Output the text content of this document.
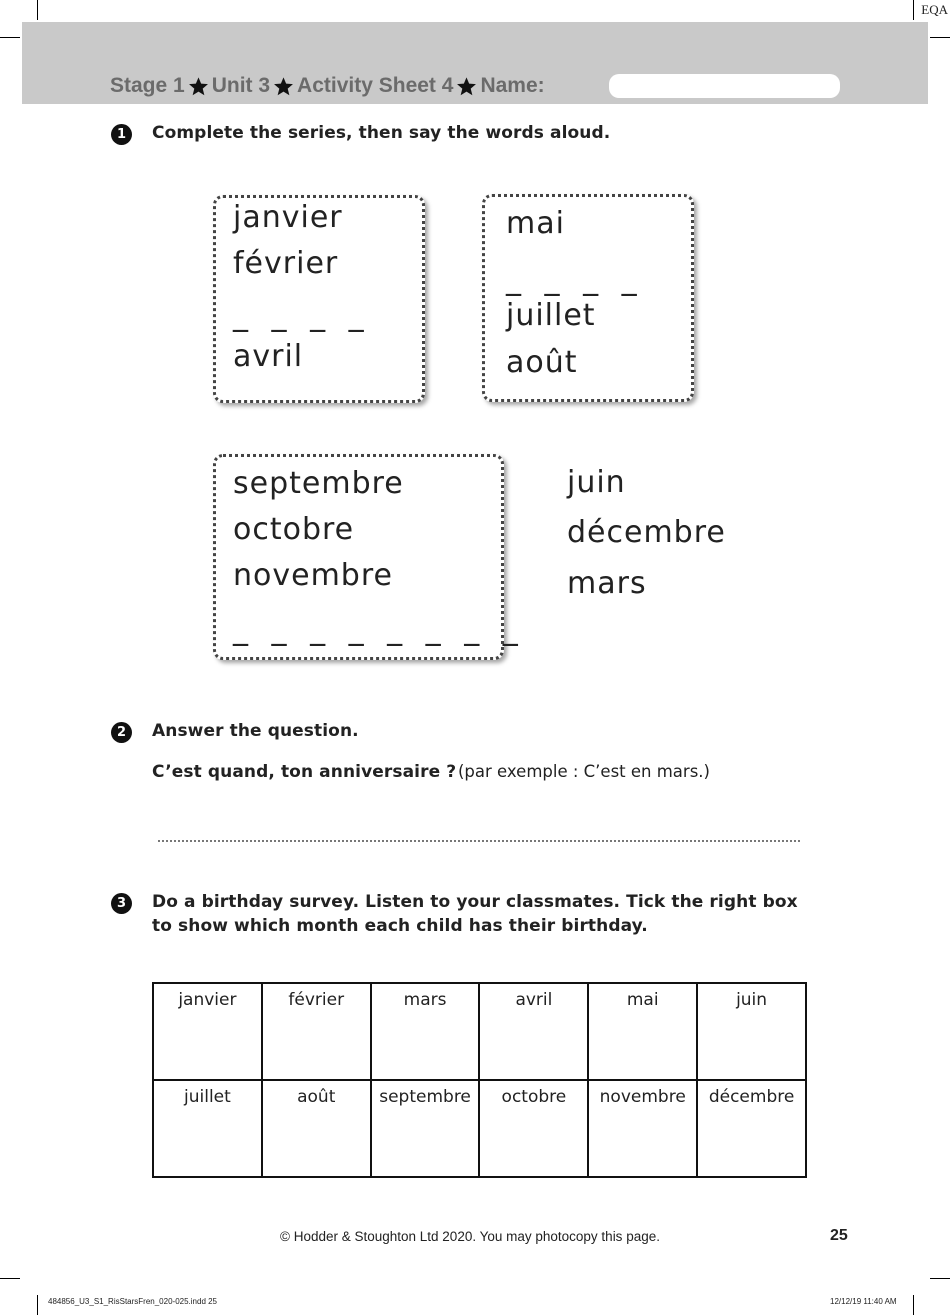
EQA
Stage 1 Unit 3 Activity Sheet 4 Name:
1	Complete the series, then say the words aloud.
janvier
février
_ _ _ _
avril
mai
_ _ _ _
juillet
août
septembre
octobre
novembre
_ _ _ _ _ _ _ _
juin
décembre
mars
2	Answer the question.
C’est quand, ton anniversaire ? (par exemple : C’est en mars.)
3	Do a birthday survey. Listen to your classmates. Tick the right box
to show which month each child has their birthday.
janvier	février	mars	avril	mai	juin
juillet	août	septembre	octobre	novembre	décembre
© Hodder & Stoughton Ltd 2020. You may photocopy this page.	25
484856_U3_S1_RisStarsFren_020-025.indd 25	12/12/19 11:40 AM
